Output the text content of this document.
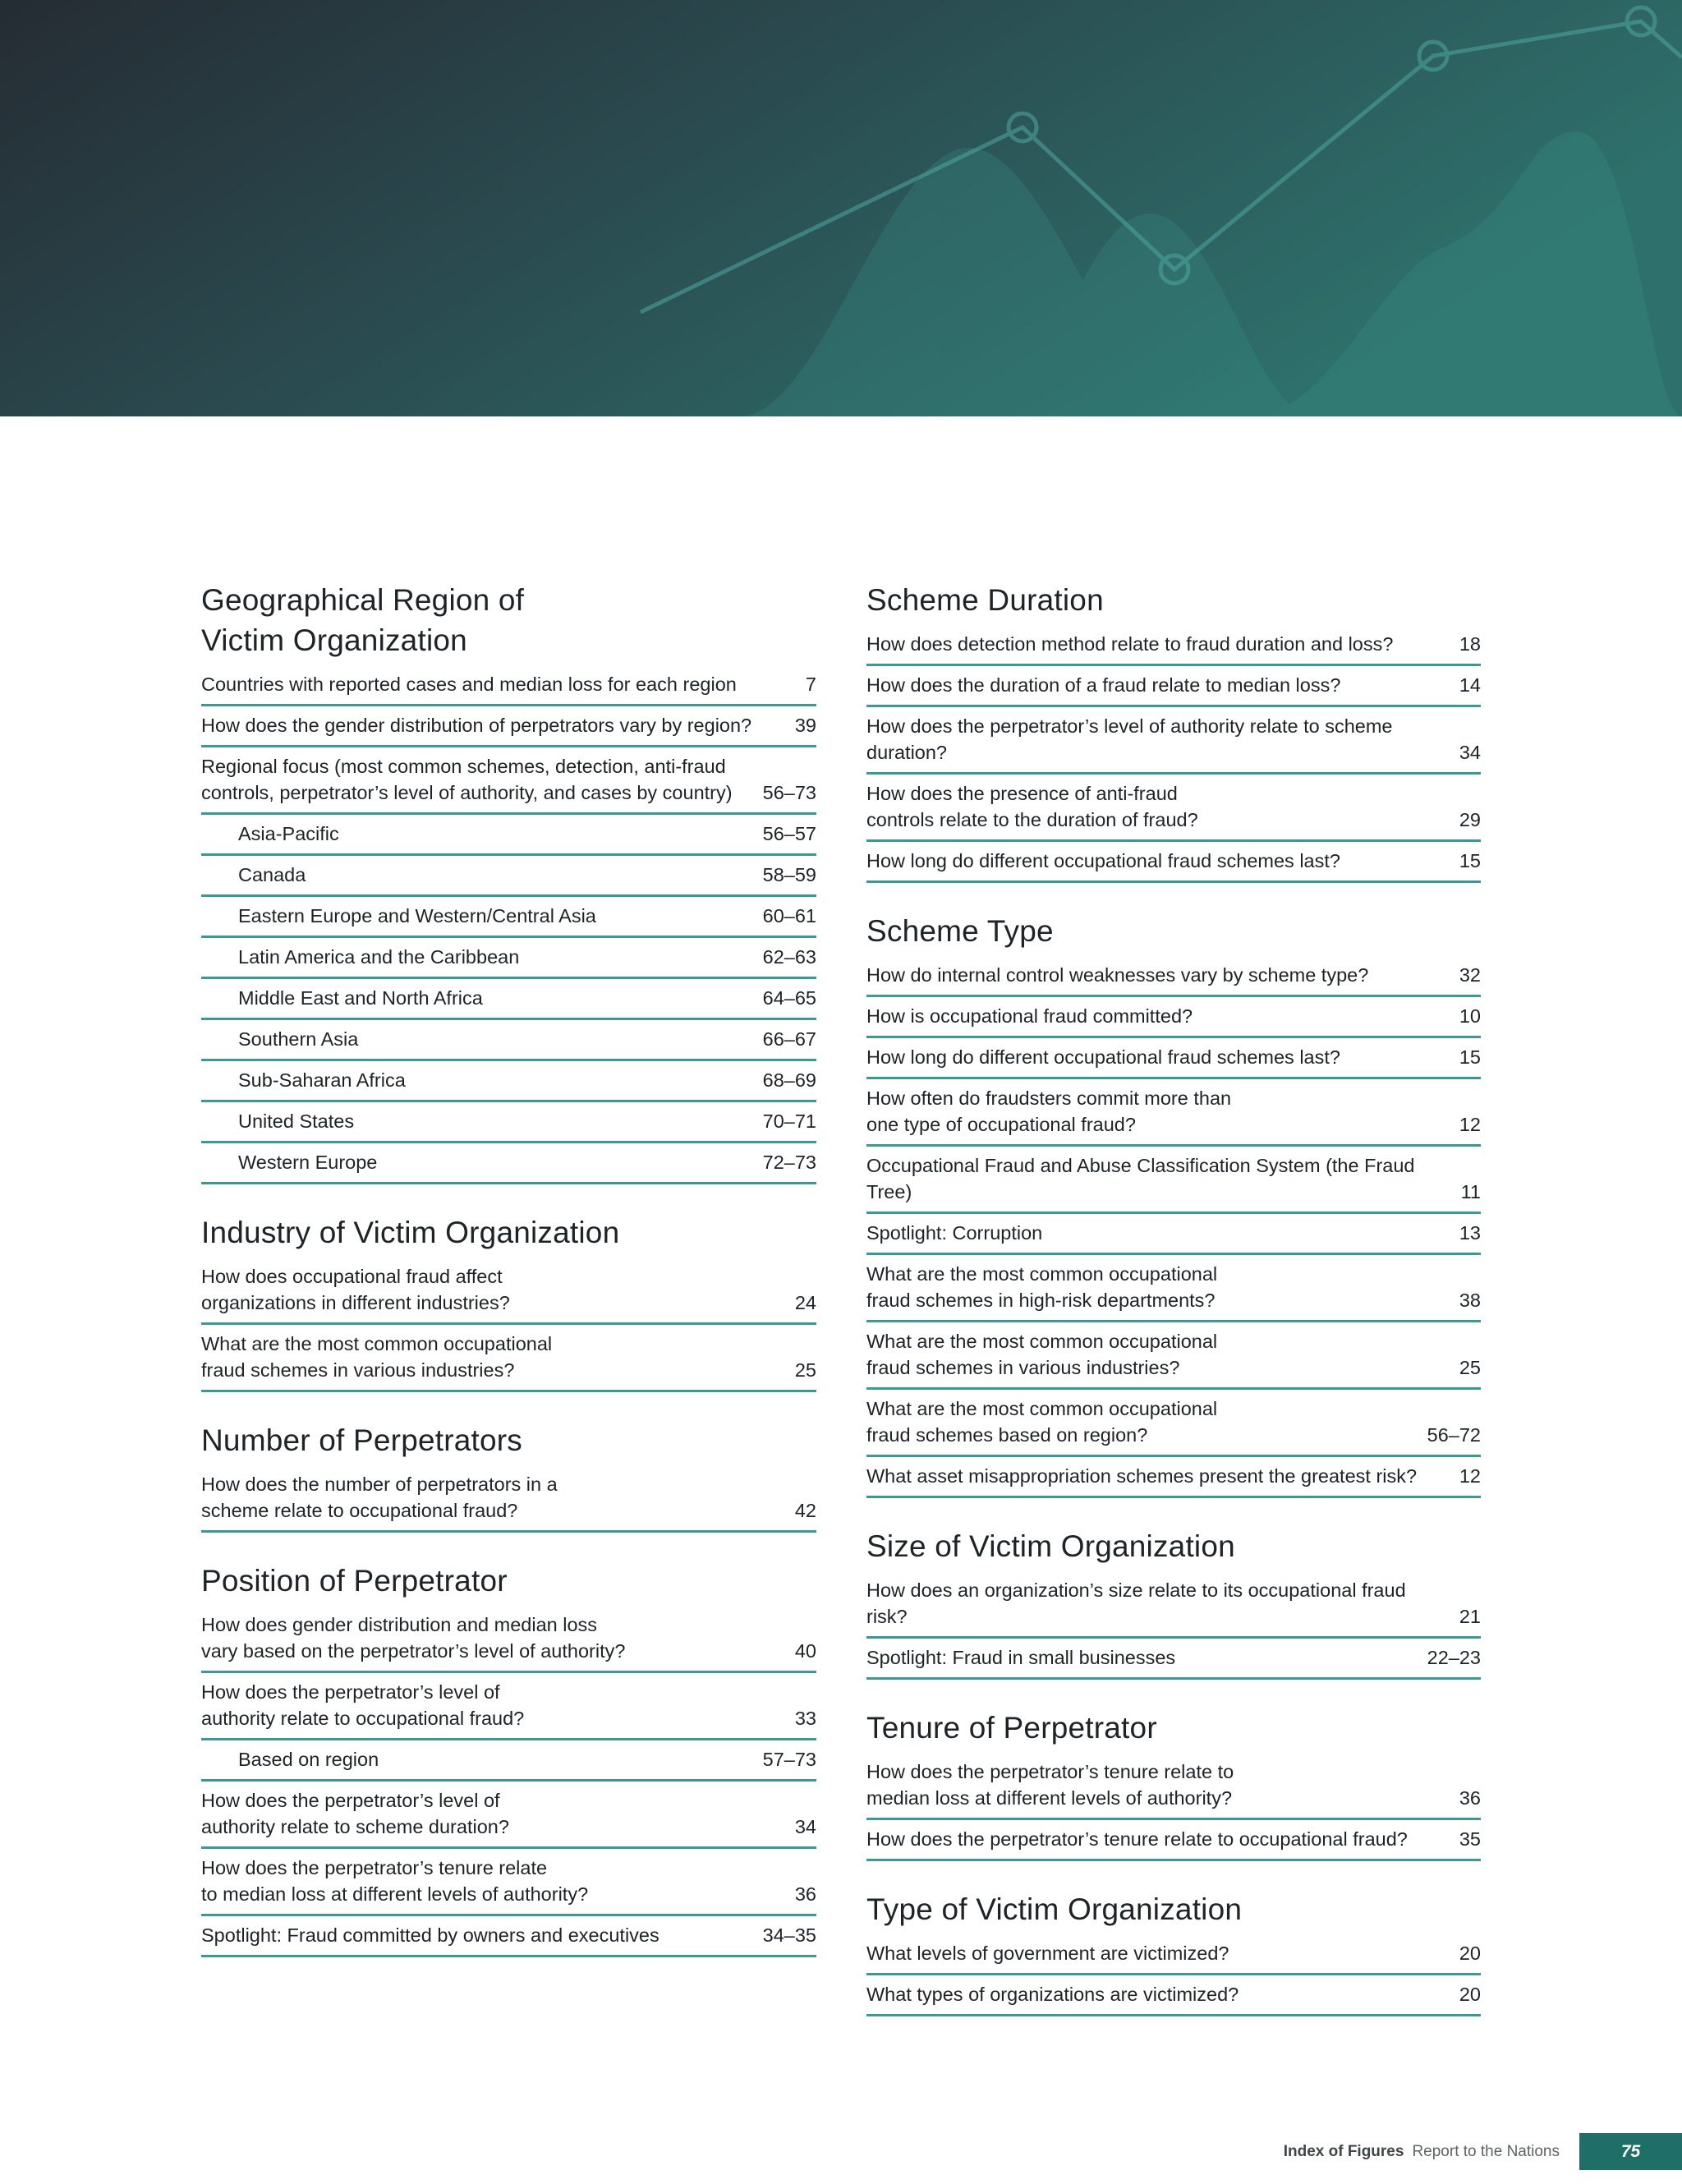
Geographical Region of
Victim Organization
Countries with reported cases and median loss for each region	7
How does the gender distribution of perpetrators vary by region?	39
Regional focus (most common schemes, detection, anti-fraud
controls, perpetrator’s level of authority, and cases by country)	56–73
Asia-Pacific	56–57
Canada	58–59
Eastern Europe and Western/Central Asia	60–61
Latin America and the Caribbean	62–63
Middle East and North Africa	64–65
Southern Asia	66–67
Sub-Saharan Africa	68–69
United States	70–71
Western Europe	72–73
Industry of Victim Organization
How does occupational fraud affect
organizations in different industries?	24
What are the most common occupational
fraud schemes in various industries?	25
Number of Perpetrators
How does the number of perpetrators in a
scheme relate to occupational fraud?	42
Position of Perpetrator
How does gender distribution and median loss
vary based on the perpetrator’s level of authority?	40
How does the perpetrator’s level of
authority relate to occupational fraud?	33
Based on region	57–73
How does the perpetrator’s level of
authority relate to scheme duration?	34
How does the perpetrator’s tenure relate
to median loss at different levels of authority?	36
Spotlight: Fraud committed by owners and executives	34–35
Scheme Duration
How does detection method relate to fraud duration and loss?	18
How does the duration of a fraud relate to median loss?	14
How does the perpetrator’s level of authority relate to scheme duration?	34
How does the presence of anti-fraud
controls relate to the duration of fraud?	29
How long do different occupational fraud schemes last?	15
Scheme Type
How do internal control weaknesses vary by scheme type?	32
How is occupational fraud committed?	10
How long do different occupational fraud schemes last?	15
How often do fraudsters commit more than
one type of occupational fraud?	12
Occupational Fraud and Abuse Classification System (the Fraud Tree)	11
Spotlight: Corruption	13
What are the most common occupational
fraud schemes in high-risk departments?	38
What are the most common occupational
fraud schemes in various industries?	25
What are the most common occupational
fraud schemes based on region?	56–72
What asset misappropriation schemes present the greatest risk?	12
Size of Victim Organization
How does an organization’s size relate to its occupational fraud risk?	21
Spotlight: Fraud in small businesses	22–23
Tenure of Perpetrator
How does the perpetrator’s tenure relate to
median loss at different levels of authority?	36
How does the perpetrator’s tenure relate to occupational fraud?	35
Type of Victim Organization
What levels of government are victimized?	20
What types of organizations are victimized?	20
Index of Figures Report to the Nations	75
